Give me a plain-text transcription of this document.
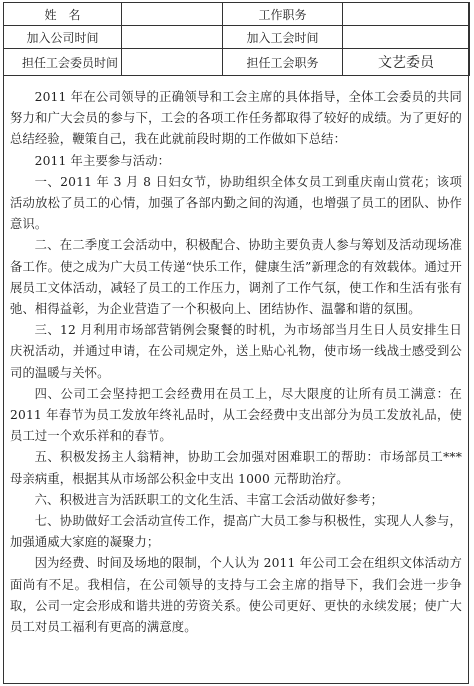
姓　名		工作职务	
加入公司时间		加入工会时间	
担任工会委员时间		担任工会职务	文艺委员

2011 年在公司领导的正确领导和工会主席的具体指导，全体工会委员的共同努力和广大会员的参与下，工会的各项工作任务都取得了较好的成绩。为了更好的总结经验，鞭策自己，我在此就前段时期的工作做如下总结：

2011 年主要参与活动：

一、2011 年 3 月 8 日妇女节，协助组织全体女员工到重庆南山赏花；该项活动放松了员工的心情，加强了各部内勤之间的沟通，也增强了员工的团队、协作意识。

二、在二季度工会活动中，积极配合、协助主要负责人参与筹划及活动现场准备工作。使之成为广大员工传递“快乐工作，健康生活”新理念的有效载体。通过开展员工文体活动，减轻了员工的工作压力，调剂了工作气氛，使工作和生活有张有弛、相得益彰，为企业营造了一个积极向上、团结协作、温馨和谐的氛围。

三、12 月利用市场部营销例会聚餐的时机，为市场部当月生日人员安排生日庆祝活动，并通过申请，在公司规定外，送上贴心礼物，使市场一线战士感受到公司的温暖与关怀。

四、公司工会坚持把工会经费用在员工上，尽大限度的让所有员工满意：在 2011 年春节为员工发放年终礼品时，从工会经费中支出部分为员工发放礼品，使员工过一个欢乐祥和的春节。

五、积极发扬主人翁精神，协助工会加强对困难职工的帮助：市场部员工***母亲病重，根据其从市场部公积金中支出 1000 元帮助治疗。

六、积极进言为活跃职工的文化生活、丰富工会活动做好参考；

七、协助做好工会活动宣传工作，提高广大员工参与积极性，实现人人参与，加强通威大家庭的凝聚力；

因为经费、时间及场地的限制，个人认为 2011 年公司工会在组织文体活动方面尚有不足。我相信，在公司领导的支持与工会主席的指导下，我们会进一步争取，公司一定会形成和谐共进的劳资关系。使公司更好、更快的永续发展；使广大员工对员工福利有更高的满意度。
